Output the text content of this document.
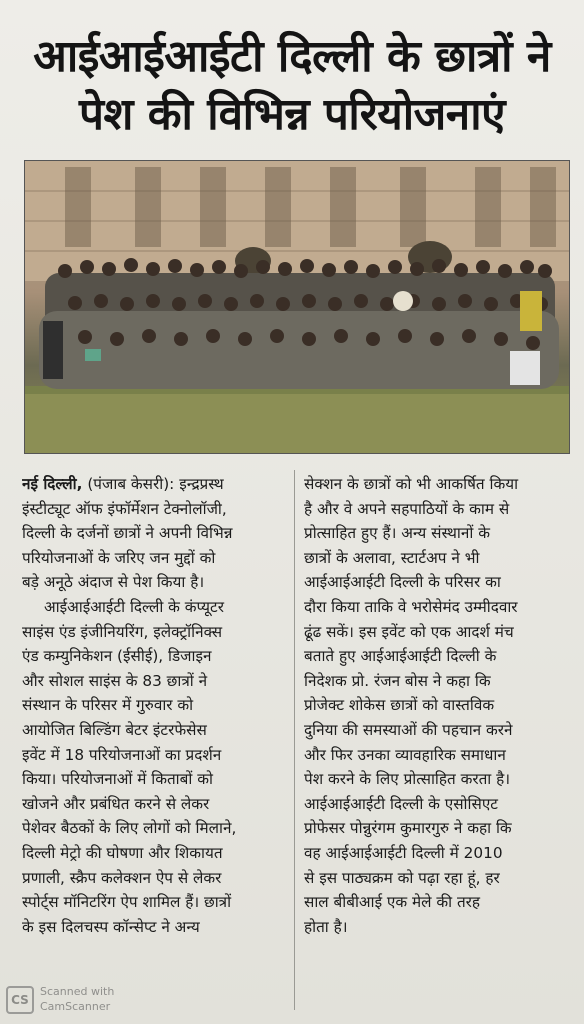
आईआईआईटी दिल्ली के छात्रों ने
पेश की विभिन्न परियोजनाएं
नई दिल्ली, (पंजाब केसरी): इन्द्रप्रस्थ
इंस्टीट्यूट ऑफ इंफॉर्मेशन टेक्नोलॉजी,
दिल्ली के दर्जनों छात्रों ने अपनी विभिन्न
परियोजनाओं के जरिए जन मुद्दों को
बड़े अनूठे अंदाज से पेश किया है।
आईआईआईटी दिल्ली के कंप्यूटर
साइंस एंड इंजीनियरिंग, इलेक्ट्रॉनिक्स
एंड कम्युनिकेशन (ईसीई), डिजाइन
और सोशल साइंस के 83 छात्रों ने
संस्थान के परिसर में गुरुवार को
आयोजित बिल्डिंग बेटर इंटरफेसेस
इवेंट में 18 परियोजनाओं का प्रदर्शन
किया। परियोजनाओं में किताबों को
खोजने और प्रबंधित करने से लेकर
पेशेवर बैठकों के लिए लोगों को मिलाने,
दिल्ली मेट्रो की घोषणा और शिकायत
प्रणाली, स्क्रैप कलेक्शन ऐप से लेकर
स्पोर्ट्स मॉनिटरिंग ऐप शामिल हैं। छात्रों
के इस दिलचस्प कॉन्सेप्ट ने अन्य
सेक्शन के छात्रों को भी आकर्षित किया
है और वे अपने सहपाठियों के काम से
प्रोत्साहित हुए हैं। अन्य संस्थानों के
छात्रों के अलावा, स्टार्टअप ने भी
आईआईआईटी दिल्ली के परिसर का
दौरा किया ताकि वे भरोसेमंद उम्मीदवार
ढूंढ सकें। इस इवेंट को एक आदर्श मंच
बताते हुए आईआईआईटी दिल्ली के
निदेशक प्रो. रंजन बोस ने कहा कि
प्रोजेक्ट शोकेस छात्रों को वास्तविक
दुनिया की समस्याओं की पहचान करने
और फिर उनका व्यावहारिक समाधान
पेश करने के लिए प्रोत्साहित करता है।
आईआईआईटी दिल्ली के एसोसिएट
प्रोफेसर पोन्नुरंगम कुमारगुरु ने कहा कि
वह आईआईआईटी दिल्ली में 2010
से इस पाठ्यक्रम को पढ़ा रहा हूं, हर
साल बीबीआई एक मेले की तरह
होता है।
CS
Scanned with
CamScanner
